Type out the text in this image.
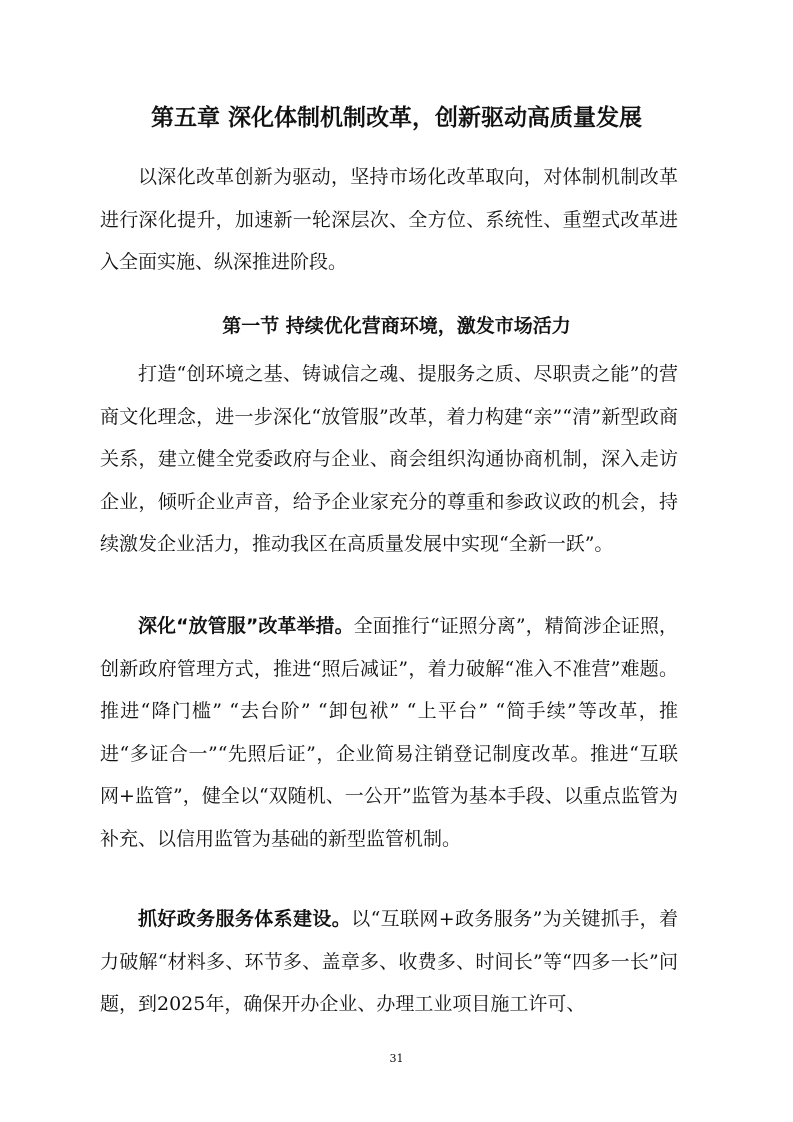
第五章 深化体制机制改革，创新驱动高质量发展

以深化改革创新为驱动，坚持市场化改革取向，对体制机制改革进行深化提升，加速新一轮深层次、全方位、系统性、重塑式改革进入全面实施、纵深推进阶段。

第一节 持续优化营商环境，激发市场活力

打造“创环境之基、铸诚信之魂、提服务之质、尽职责之能”的营商文化理念，进一步深化“放管服”改革，着力构建“亲”“清”新型政商关系，建立健全党委政府与企业、商会组织沟通协商机制，深入走访企业，倾听企业声音，给予企业家充分的尊重和参政议政的机会，持续激发企业活力，推动我区在高质量发展中实现“全新一跃”。

深化“放管服”改革举措。全面推行“证照分离”，精简涉企证照，创新政府管理方式，推进“照后减证”，着力破解“准入不准营”难题。推进“降门槛” “去台阶” “卸包袱” “上平台” “简手续”等改革，推进“多证合一”“先照后证”，企业简易注销登记制度改革。推进“互联网+监管”，健全以“双随机、一公开”监管为基本手段、以重点监管为补充、以信用监管为基础的新型监管机制。

抓好政务服务体系建设。以“互联网+政务服务”为关键抓手，着力破解“材料多、环节多、盖章多、收费多、时间长”等“四多一长”问题，到2025年，确保开办企业、办理工业项目施工许可、

31
